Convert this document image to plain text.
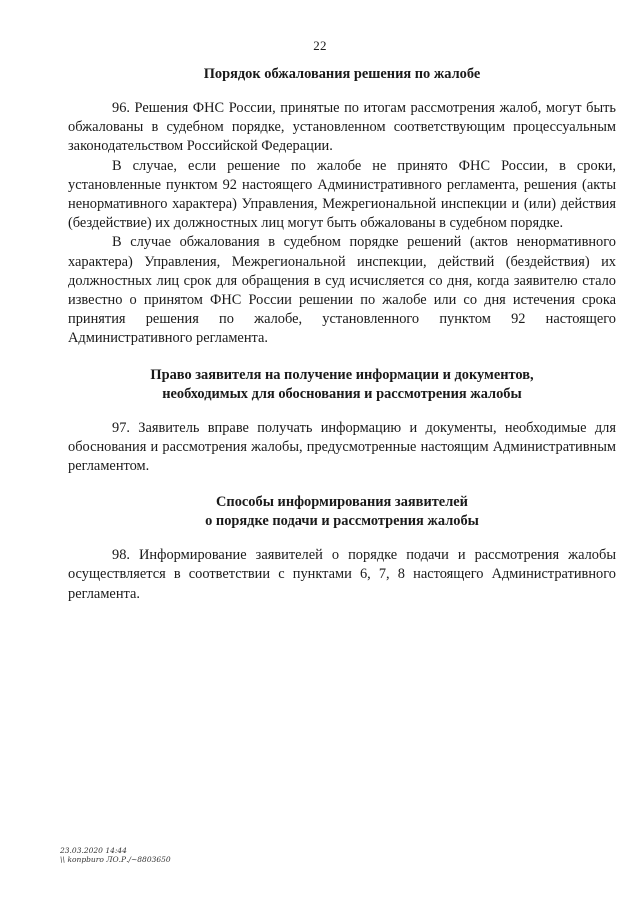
22
Порядок обжалования решения по жалобе

96. Решения ФНС России, принятые по итогам рассмотрения жалоб, могут быть обжалованы в судебном порядке, установленном соответствующим процессуальным законодательством Российской Федерации.

В случае, если решение по жалобе не принято ФНС России, в сроки, установленные пунктом 92 настоящего Административного регламента, решения (акты ненормативного характера) Управления, Межрегиональной инспекции и (или) действия (бездействие) их должностных лиц могут быть обжалованы в судебном порядке.

В случае обжалования в судебном порядке решений (актов ненормативного характера) Управления, Межрегиональной инспекции, действий (бездействия) их должностных лиц срок для обращения в суд исчисляется со дня, когда заявителю стало известно о принятом ФНС России решении по жалобе или со дня истечения срока принятия решения по жалобе, установленного пунктом 92 настоящего Административного регламента.

Право заявителя на получение информации и документов,
необходимых для обоснования и рассмотрения жалобы

97. Заявитель вправе получать информацию и документы, необходимые для обоснования и рассмотрения жалобы, предусмотренные настоящим Административным регламентом.

Способы информирования заявителей
о порядке подачи и рассмотрения жалобы

98. Информирование заявителей о порядке подачи и рассмотрения жалобы осуществляется в соответствии с пунктами 6, 7, 8 настоящего Административного регламента.

23.03.2020 14:44
\\ konpburo ЛО.Р./~8803650
